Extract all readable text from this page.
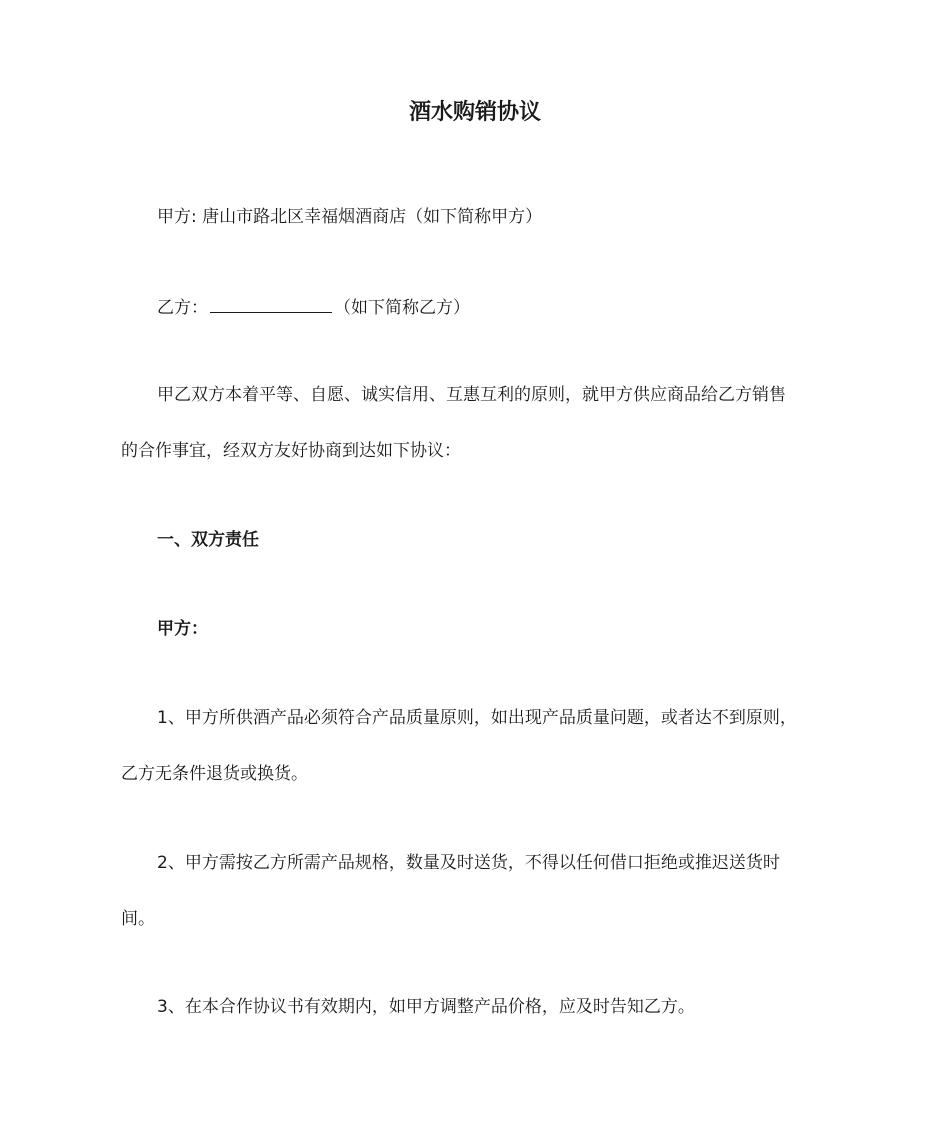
酒水购销协议
甲方: 唐山市路北区幸福烟酒商店（如下简称甲方）
乙方：	（如下简称乙方）
甲乙双方本着平等、自愿、诚实信用、互惠互利的原则，就甲方供应商品给乙方销售
的合作事宜，经双方友好协商到达如下协议：
一、双方责任
甲方：
1、甲方所供酒产品必须符合产品质量原则，如出现产品质量问题，或者达不到原则，
乙方无条件退货或换货。
2、甲方需按乙方所需产品规格，数量及时送货，不得以任何借口拒绝或推迟送货时
间。
3、在本合作协议书有效期内，如甲方调整产品价格，应及时告知乙方。
